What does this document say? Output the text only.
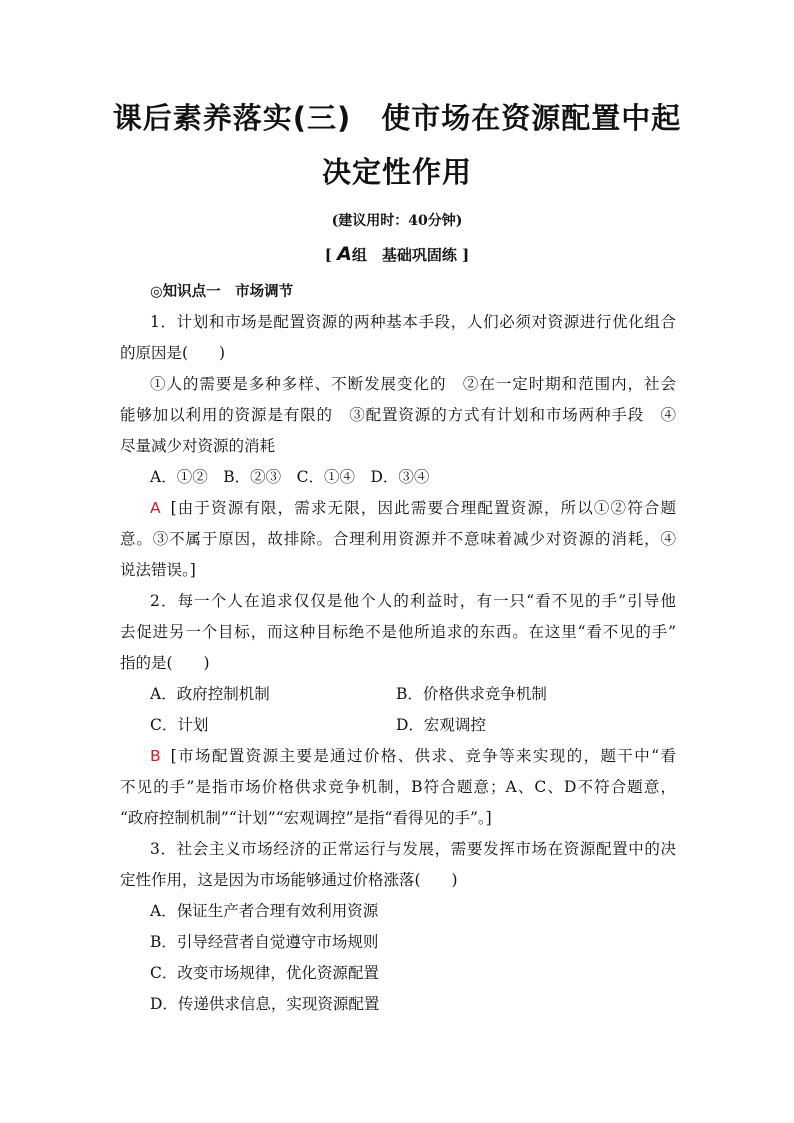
课后素养落实(三)　使市场在资源配置中起
决定性作用
(建议用时：40分钟)
[ A组　基础巩固练 ]
◎知识点一　市场调节
1．计划和市场是配置资源的两种基本手段，人们必须对资源进行优化组合
的原因是(　　)
①人的需要是多种多样、不断发展变化的　②在一定时期和范围内，社会
能够加以利用的资源是有限的　③配置资源的方式有计划和市场两种手段　④
尽量减少对资源的消耗
A．①②　B．②③　C．①④　D．③④
A [由于资源有限，需求无限，因此需要合理配置资源，所以①②符合题
意。③不属于原因，故排除。合理利用资源并不意味着减少对资源的消耗，④
说法错误。]
2．每一个人在追求仅仅是他个人的利益时，有一只“看不见的手”引导他
去促进另一个目标，而这种目标绝不是他所追求的东西。在这里“看不见的手”
指的是(　　)
A．政府控制机制	B．价格供求竞争机制
C．计划	D．宏观调控
B [市场配置资源主要是通过价格、供求、竞争等来实现的，题干中“看
不见的手”是指市场价格供求竞争机制，B符合题意；A、C、D不符合题意，
“政府控制机制”“计划”“宏观调控”是指“看得见的手”。]
3．社会主义市场经济的正常运行与发展，需要发挥市场在资源配置中的决
定性作用，这是因为市场能够通过价格涨落(　　)
A．保证生产者合理有效利用资源
B．引导经营者自觉遵守市场规则
C．改变市场规律，优化资源配置
D．传递供求信息，实现资源配置
